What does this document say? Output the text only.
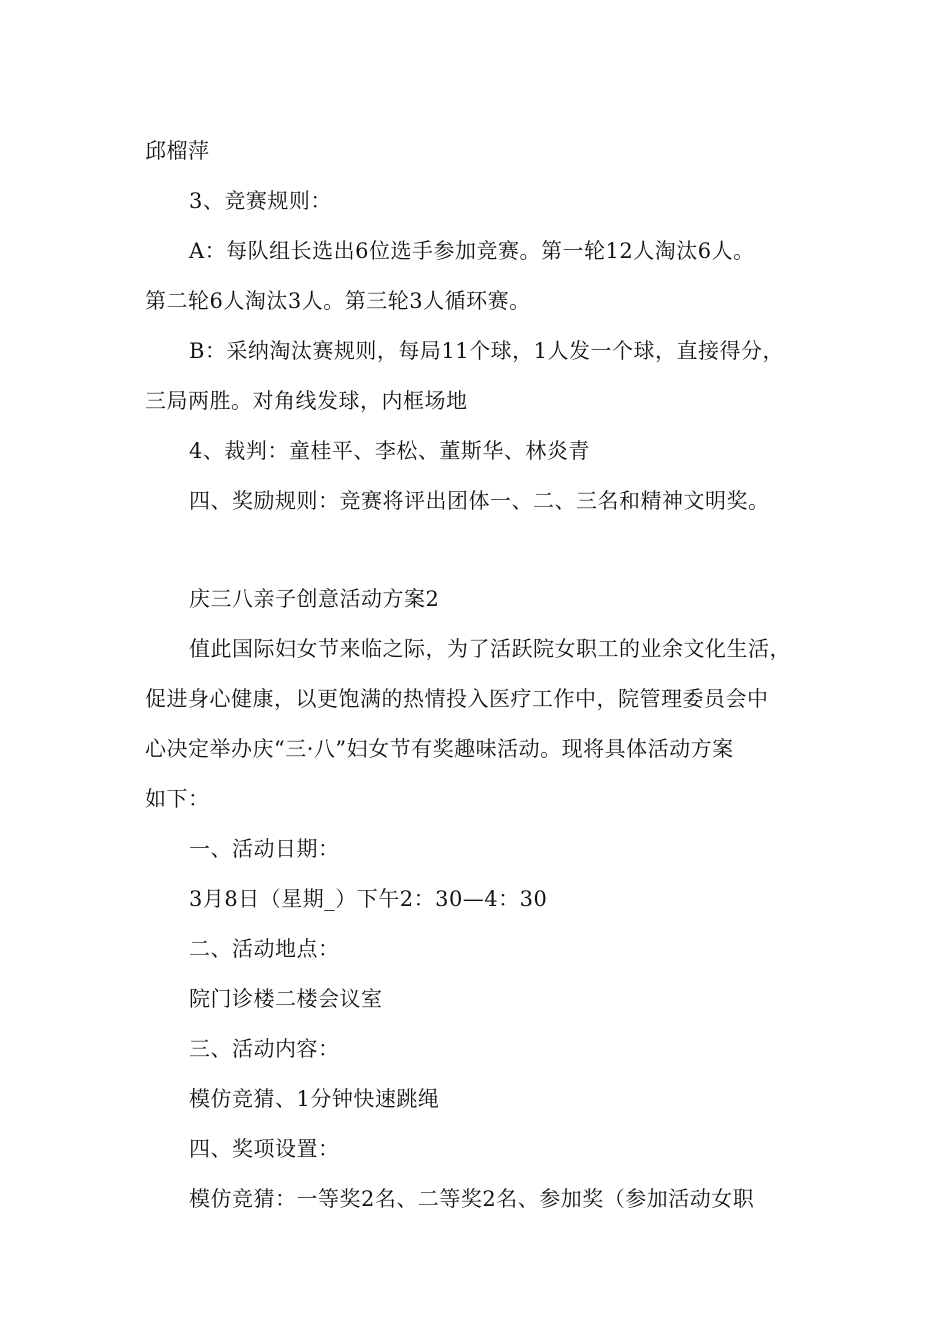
邱榴萍
3、竞赛规则：
A：每队组长选出6位选手参加竞赛。第一轮12人淘汰6人。
第二轮6人淘汰3人。第三轮3人循环赛。
B：采纳淘汰赛规则，每局11个球，1人发一个球，直接得分，
三局两胜。对角线发球，内框场地
4、裁判：童桂平、李松、董斯华、林炎青
四、奖励规则：竞赛将评出团体一、二、三名和精神文明奖。
庆三八亲子创意活动方案2
值此国际妇女节来临之际，为了活跃院女职工的业余文化生活，
促进身心健康，以更饱满的热情投入医疗工作中，院管理委员会中
心决定举办庆“三·八”妇女节有奖趣味活动。现将具体活动方案
如下：
一、活动日期：
3月8日（星期_）下午2：30—4：30
二、活动地点：
院门诊楼二楼会议室
三、活动内容：
模仿竞猜、1分钟快速跳绳
四、奖项设置：
模仿竞猜：一等奖2名、二等奖2名、参加奖（参加活动女职
